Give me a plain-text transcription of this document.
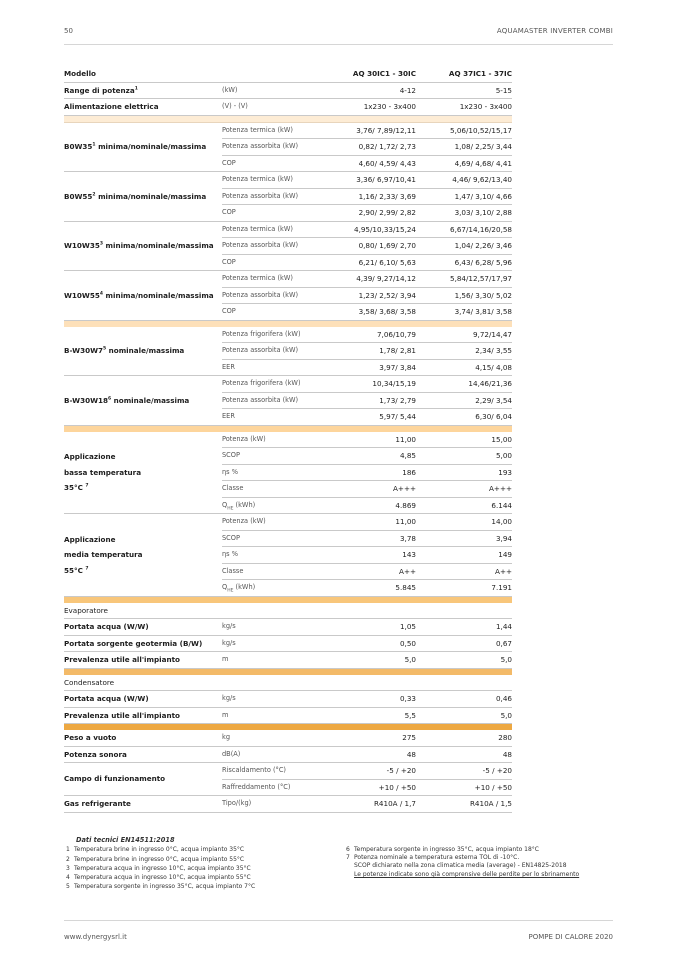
50	AQUAMASTER INVERTER COMBI
Modello		AQ 30IC1 - 30IC	AQ 37IC1 - 37IC
Range di potenza$^1$	(kW)	4-12	5-15
Alimentazione elettrica	(V) - (V)	1x230 - 3x400	1x230 - 3x400

$B0W35^1$ minima/nominale/massima	Potenza termica (kW)	3,76/ 7,89/12,11	5,06/10,52/15,17
	Potenza assorbita (kW)	0,82/ 1,72/ 2,73	1,08/ 2,25/ 3,44
	COP	4,60/ 4,59/ 4,43	4,69/ 4,68/ 4,41
$B0W55^2$ minima/nominale/massima	Potenza termica (kW)	3,36/ 6,97/10,41	4,46/ 9,62/13,40
	Potenza assorbita (kW)	1,16/ 2,33/ 3,69	1,47/ 3,10/ 4,66
	COP	2,90/ 2,99/ 2,82	3,03/ 3,10/ 2,88
$W10W35^3$ minima/nominale/massima	Potenza termica (kW)	4,95/10,33/15,24	6,67/14,16/20,58
	Potenza assorbita (kW)	0,80/ 1,69/ 2,70	1,04/ 2,26/ 3,46
	COP	6,21/ 6,10/ 5,63	6,43/ 6,28/ 5,96
$W10W55^4$ minima/nominale/massima	Potenza termica (kW)	4,39/ 9,27/14,12	5,84/12,57/17,97
	Potenza assorbita (kW)	1,23/ 2,52/ 3,94	1,56/ 3,30/ 5,02
	COP	3,58/ 3,68/ 3,58	3,74/ 3,81/ 3,58

$B-W30W7^5$ nominale/massima	Potenza frigorifera (kW)	7,06/10,79	9,72/14,47
	Potenza assorbita (kW)	1,78/ 2,81	2,34/ 3,55
	EER	3,97/ 3,84	4,15/ 4,08
$B-W30W18^6$ nominale/massima	Potenza frigorifera (kW)	10,34/15,19	14,46/21,36
	Potenza assorbita (kW)	1,73/ 2,79	2,29/ 3,54
	EER	5,97/ 5,44	6,30/ 6,04

Applicazione
bassa temperatura
35°C $^7$	Potenza (kW)	11,00	15,00
	SCOP	4,85	5,00
	ηs %	186	193
	Classe	A+++	A+++
	$Q_{HE}$ (kWh)	4.869	6.144
Applicazione
media temperatura
55°C $^7$	Potenza (kW)	11,00	14,00
	SCOP	3,78	3,94
	ηs %	143	149
	Classe	A++	A++
	$Q_{HE}$ (kWh)	5.845	7.191

Evaporatore			
Portata acqua (W/W)	kg/s	1,05	1,44
Portata sorgente geotermia (B/W)	kg/s	0,50	0,67
Prevalenza utile all'impianto	m	5,0	5,0

Condensatore			
Portata acqua (W/W)	kg/s	0,33	0,46
Prevalenza utile all'impianto	m	5,5	5,0

Peso a vuoto	kg	275	280
Potenza sonora	dB(A)	48	48
Campo di funzionamento	Riscaldamento (°C)	-5 / +20	-5 / +20
	Raffreddamento (°C)	+10 / +50	+10 / +50
Gas refrigerante	Tipo/(kg)	R410A / 1,7	R410A / 1,5
Dati tecnici EN14511:2018
1 Temperatura brine in ingresso 0°C, acqua impianto 35°C
2 Temperatura brine in ingresso 0°C, acqua impianto 55°C
3 Temperatura acqua in ingresso 10°C, acqua impianto 35°C
4 Temperatura acqua in ingresso 10°C, acqua impianto 55°C
5 Temperatura sorgente in ingresso 35°C, acqua impianto 7°C
6 Temperatura sorgente in ingresso 35°C, acqua impianto 18°C
7 Potenza nominale a temperatura esterna TOL di -10°C.
SCOP dichiarato nella zona climatica media (average) - EN14825-2018
Le potenze indicate sono già comprensive delle perdite per lo sbrinamento
www.dynergysrl.it	POMPE DI CALORE 2020
